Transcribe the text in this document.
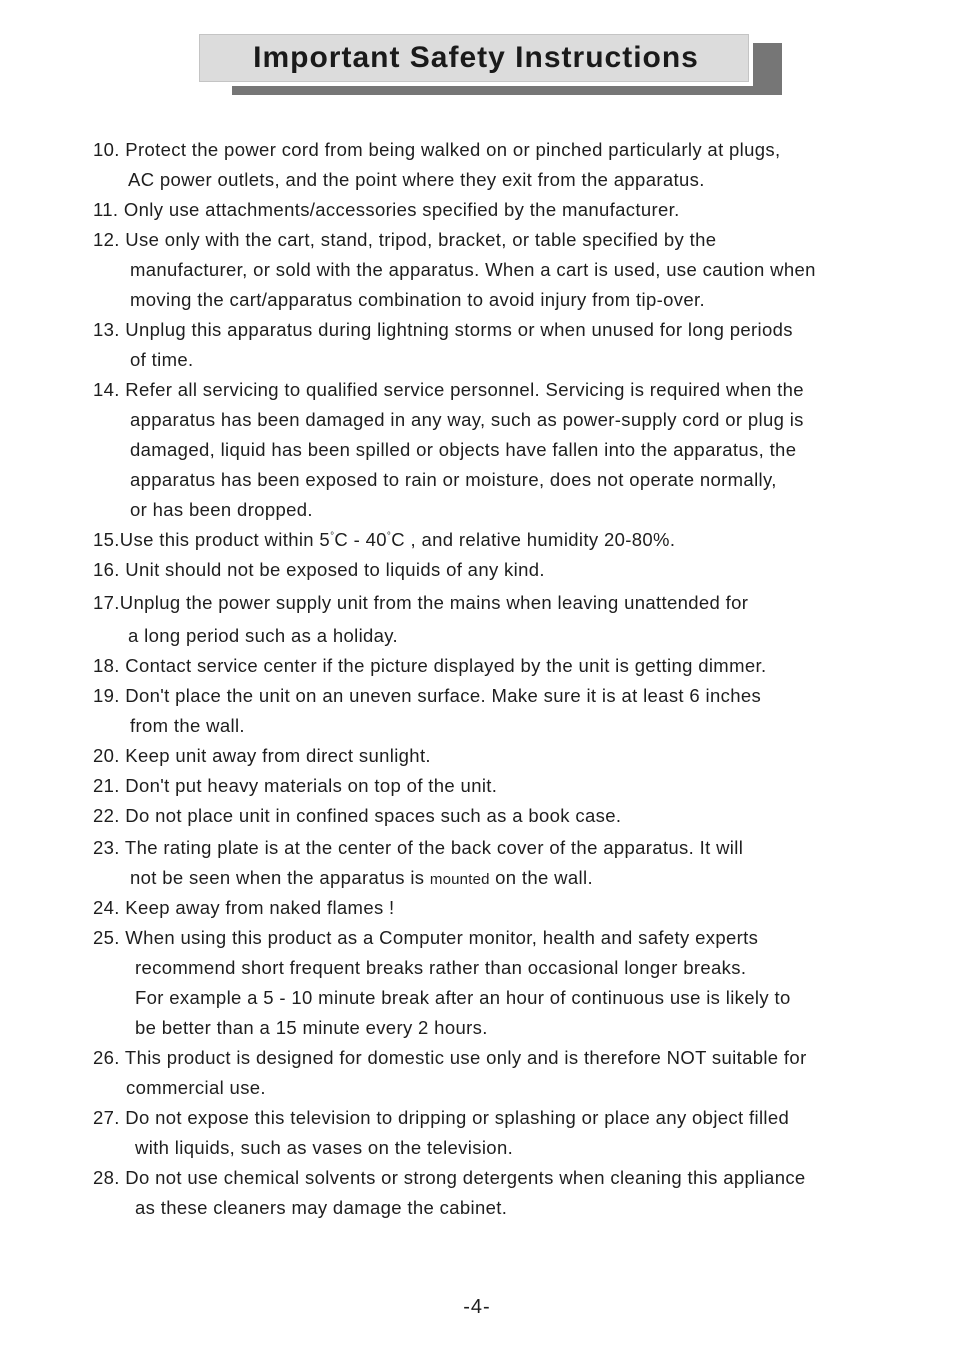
Important Safety Instructions
10. Protect the power cord from being walked on or pinched particularly at plugs,
AC power outlets, and the point where they exit from the apparatus.
11. Only use attachments/accessories specified by the manufacturer.
12. Use only with the cart, stand, tripod, bracket, or table specified by the
manufacturer, or sold with the apparatus. When a cart is used, use caution when
moving the cart/apparatus combination to avoid injury from tip-over.
13. Unplug this apparatus during lightning storms or when unused for long periods
of time.
14. Refer all servicing to qualified service personnel. Servicing is required when the
apparatus has been damaged in any way, such as power-supply cord or plug is
damaged, liquid has been spilled or objects have fallen into the apparatus, the
apparatus has been exposed to rain or moisture, does not operate normally,
or has been dropped.
15.Use this product within 5°C - 40°C , and relative humidity 20-80%.
16. Unit should not be exposed to liquids of any kind.
17.Unplug the power supply unit from the mains when leaving unattended for
a long period such as a holiday.
18. Contact service center if the picture displayed by the unit is getting dimmer.
19. Don't place the unit on an uneven surface. Make sure it is at least 6 inches
from the wall.
20. Keep unit away from direct sunlight.
21. Don't put heavy materials on top of the unit.
22. Do not place unit in confined spaces such as a book case.
23. The rating plate is at the center of the back cover of the apparatus. It will
not be seen when the apparatus is mounted on the wall.
24. Keep away from naked flames !
25. When using this product as a Computer monitor, health and safety experts
recommend short frequent breaks rather than occasional longer breaks.
For example a 5 - 10 minute break after an hour of continuous use is likely to
be better than a 15 minute every 2 hours.
26. This product is designed for domestic use only and is therefore NOT suitable for
commercial use.
27. Do not expose this television to dripping or splashing or place any object filled
with liquids, such as vases on the television.
28. Do not use chemical solvents or strong detergents when cleaning this appliance
as these cleaners may damage the cabinet.
-4-
